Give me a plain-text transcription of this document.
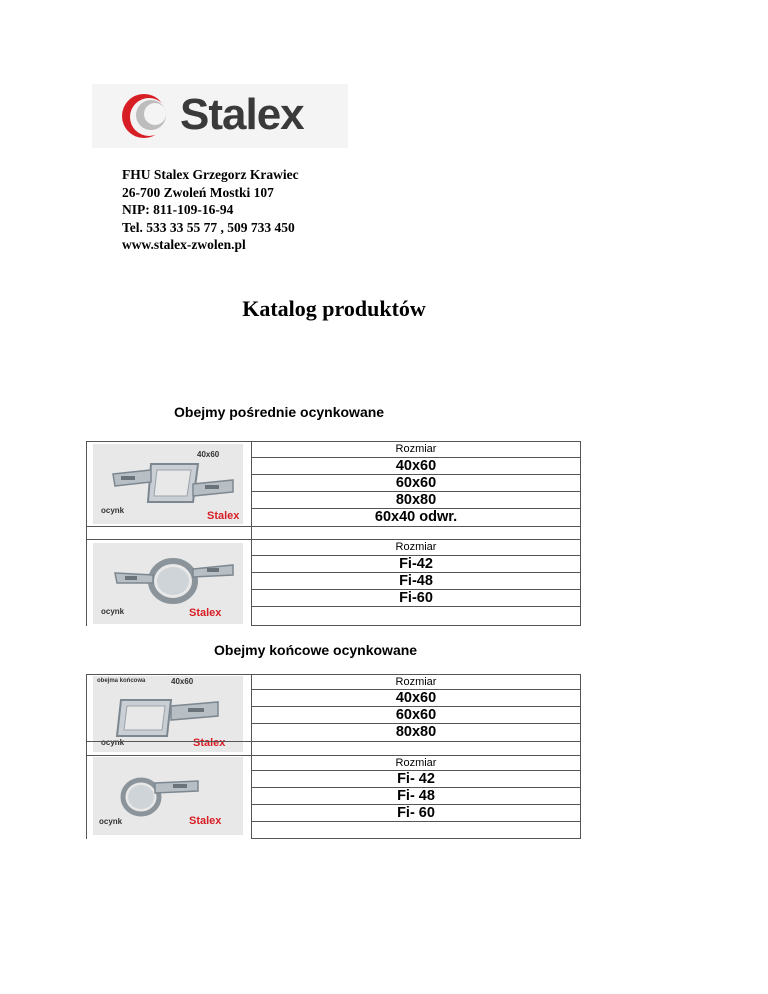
Stalex
FHU Stalex Grzegorz Krawiec
26-700 Zwoleń Mostki 107
NIP: 811-109-16-94
Tel. 533 33 55 77 , 509 733 450
www.stalex-zwolen.pl
Katalog produktów
Obejmy pośrednie ocynkowane
40x60
ocynk	Stalex
ocynk	Stalex
Rozmiar
40x60
60x60
80x80
60x40 odwr.
Rozmiar
Fi-42
Fi-48
Fi-60
Obejmy końcowe ocynkowane
obejma końcowa	40x60
ocynk	Stalex
ocynk	Stalex
Rozmiar
40x60
60x60
80x80
Rozmiar
Fi- 42
Fi- 48
Fi- 60
